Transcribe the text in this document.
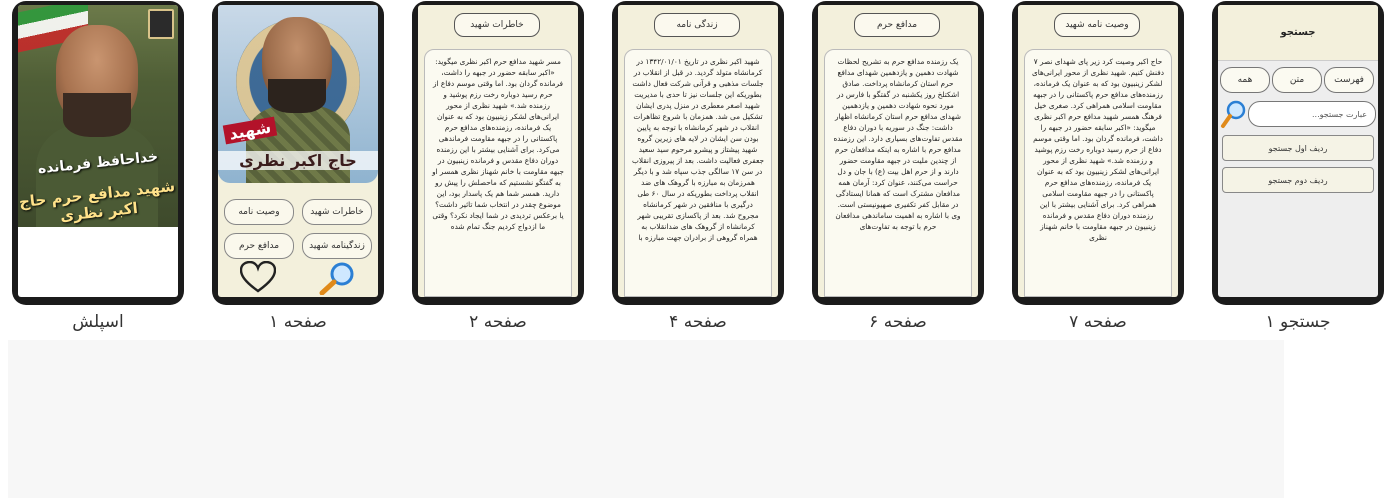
خداحافظ فرمانده
شهید مدافع حرم حاج اکبر نظری
اسپلش
شهید
حاج اکبر نظری
خاطرات شهید
وصیت نامه
زندگینامه شهید
مدافع حرم
صفحه ۱
خاطرات شهید
مسر شهید مدافع حرم اکبر نظری میگوید: «اکبر سابقه حضور در جبهه را داشت، فرمانده گردان بود. اما وقتی موسم دفاع از حرم رسید دوباره رخت رزم پوشید و رزمنده شد.» شهید نظری از محور ایرانی‌های لشکر زینبیون بود که به عنوان یک فرمانده، رزمنده‌های مدافع حرم پاکستانی را در جبهه مقاومت فرماندهی می‌کرد. برای آشنایی بیشتر با این رزمنده دوران دفاع مقدس و فرمانده زینبیون در جبهه مقاومت با خانم شهناز نظری همسر او به گفتگو نشستیم که ماحصلش را پیش رو دارید. همسر شما هم یک پاسدار بود، این موضوع چقدر در انتخاب شما تاثیر داشت؟ یا برعکس تردیدی در شما ایجاد نکرد؟ وقتی ما ازدواج کردیم جنگ تمام شده
صفحه ۲
زندگی نامه
شهید اکبر نظری در تاریخ ۱۳۴۲/۰۱/۰۱ در کرمانشاه متولد گردید. در قبل از انقلاب در جلسات مذهبی و قرآنی شرکت فعال داشت بطوریکه این جلسات نیز تا حدی با مدیریت شهید اصغر معطری در منزل پدری ایشان تشکیل می شد. همزمان با شروع تظاهرات انقلاب در شهر کرمانشاه با توجه به پایین بودن سن ایشان در لایه های زیرین گروه شهید پیشتاز و پیشرو مرحوم سید سعید جعفری فعالیت داشت. بعد از پیروزی انقلاب در سن ۱۷ سالگی جذب سپاه شد و با دیگر همرزمان به مبارزه با گروهک های ضد انقلاب پرداخت بطوریکه در سال ۶۰ طی درگیری با منافقین در شهر کرمانشاه مجروح شد. بعد از پاکسازی تقریبی شهر کرمانشاه از گروهک های ضدانقلاب به همراه گروهی از برادران جهت مبارزه با
صفحه ۴
مدافع حرم
یک رزمنده مدافع حرم به تشریح لحظات شهادت دهمین و یازدهمین شهدای مدافع حرم استان کرمانشاه پرداخت. صادق اشکتلخ روز یکشنبه در گفتگو با فارس در مورد نحوه شهادت دهمین و یازدهمین شهدای مدافع حرم استان کرمانشاه اظهار داشت: جنگ در سوریه با دوران دفاع مقدس تفاوت‌های بسیاری دارد. این رزمنده مدافع حرم با اشاره به اینکه مدافعان حرم از چندین ملیت در جبهه مقاومت حضور دارند و از حرم اهل بیت (ع) با جان و دل حراست می‌کنند، عنوان کرد: آرمان همه مدافعان مشترک است که همانا ایستادگی در مقابل کفر تکفیری صهیونیستی است. وی با اشاره به اهمیت ساماندهی مدافعان حرم با توجه به تفاوت‌های
صفحه ۶
وصیت نامه شهید
حاج اکبر وصیت کرد زیر پای شهدای نصر ۷ دفنش کنیم. شهید نظری از محور ایرانی‌های لشکر زینبیون بود که به عنوان یک فرمانده، رزمنده‌های مدافع حرم پاکستانی را در جبهه مقاومت اسلامی همراهی کرد. صغری خیل فرهنگ همسر شهید مدافع حرم اکبر نظری میگوید: «اکبر سابقه حضور در جبهه را داشت، فرمانده گردان بود. اما وقتی موسم دفاع از حرم رسید دوباره رخت رزم پوشید و رزمنده شد.» شهید نظری از محور ایرانی‌های لشکر زینبیون بود که به عنوان یک فرمانده، رزمنده‌های مدافع حرم پاکستانی را در جبهه مقاومت اسلامی همراهی کرد. برای آشنایی بیشتر با این رزمنده دوران دفاع مقدس و فرمانده زینبیون در جبهه مقاومت با خانم شهناز نظری
صفحه ۷
جستجو
فهرست
متن
همه
عبارت جستجو...
ردیف اول جستجو
ردیف دوم جستجو
جستجو ۱
